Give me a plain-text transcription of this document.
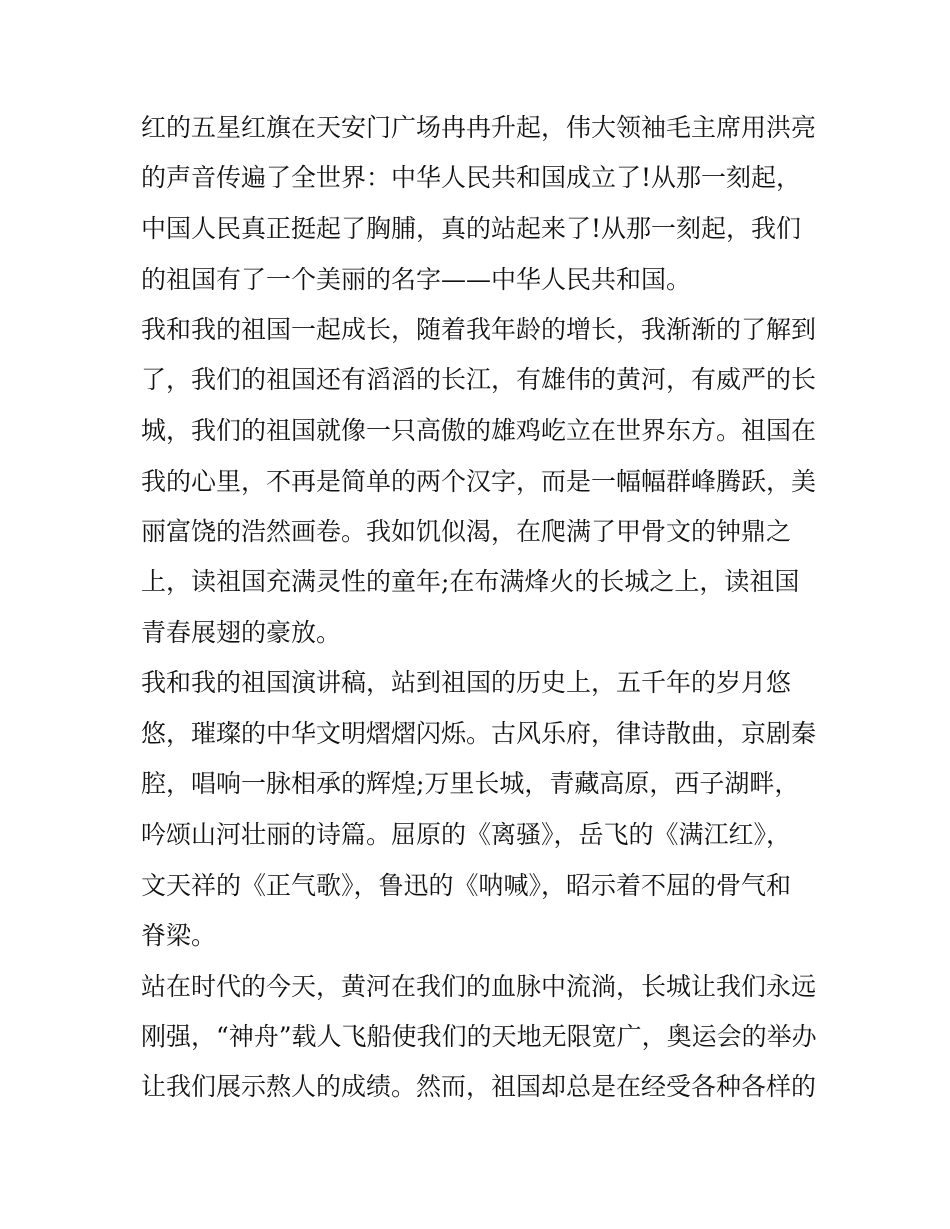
红的五星红旗在天安门广场冉冉升起，伟大领袖毛主席用洪亮
的声音传遍了全世界：中华人民共和国成立了!从那一刻起，
中国人民真正挺起了胸脯，真的站起来了!从那一刻起，我们
的祖国有了一个美丽的名字——中华人民共和国。
我和我的祖国一起成长，随着我年龄的增长，我渐渐的了解到
了，我们的祖国还有滔滔的长江，有雄伟的黄河，有威严的长
城，我们的祖国就像一只高傲的雄鸡屹立在世界东方。祖国在
我的心里，不再是简单的两个汉字，而是一幅幅群峰腾跃，美
丽富饶的浩然画卷。我如饥似渴，在爬满了甲骨文的钟鼎之
上，读祖国充满灵性的童年;在布满烽火的长城之上，读祖国
青春展翅的豪放。
我和我的祖国演讲稿，站到祖国的历史上，五千年的岁月悠
悠，璀璨的中华文明熠熠闪烁。古风乐府，律诗散曲，京剧秦
腔，唱响一脉相承的辉煌;万里长城，青藏高原，西子湖畔，
吟颂山河壮丽的诗篇。屈原的《离骚》，岳飞的《满江红》，
文天祥的《正气歌》，鲁迅的《呐喊》，昭示着不屈的骨气和
脊梁。
站在时代的今天，黄河在我们的血脉中流淌，长城让我们永远
刚强，“神舟”载人飞船使我们的天地无限宽广，奥运会的举办
让我们展示熬人的成绩。然而，祖国却总是在经受各种各样的
